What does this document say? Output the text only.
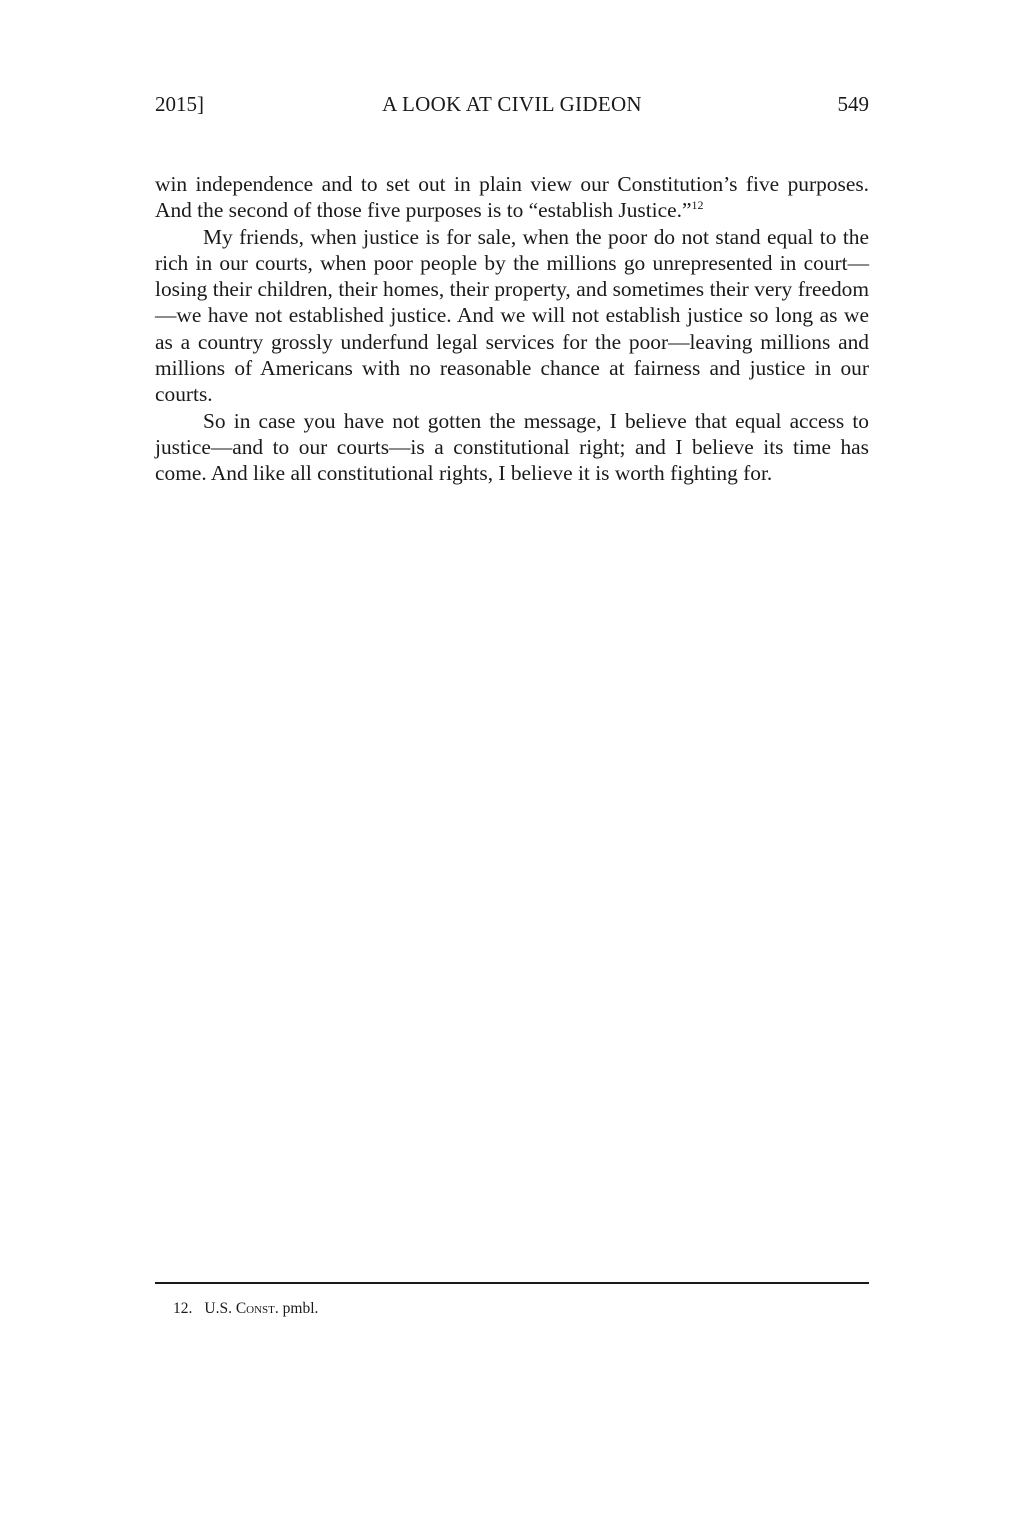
2015]	A LOOK AT CIVIL GIDEON	549

win independence and to set out in plain view our Constitution’s five purposes. And the second of those five purposes is to “establish Justice.”$^{12}$

My friends, when justice is for sale, when the poor do not stand equal to the rich in our courts, when poor people by the millions go unrepresented in court—losing their children, their homes, their property, and sometimes their very freedom—we have not established justice. And we will not establish justice so long as we as a country grossly underfund legal services for the poor—leaving millions and millions of Americans with no reasonable chance at fairness and justice in our courts.

So in case you have not gotten the message, I believe that equal access to justice—and to our courts—is a constitutional right; and I believe its time has come. And like all constitutional rights, I believe it is worth fighting for.

12. U.S. Const. pmbl.
